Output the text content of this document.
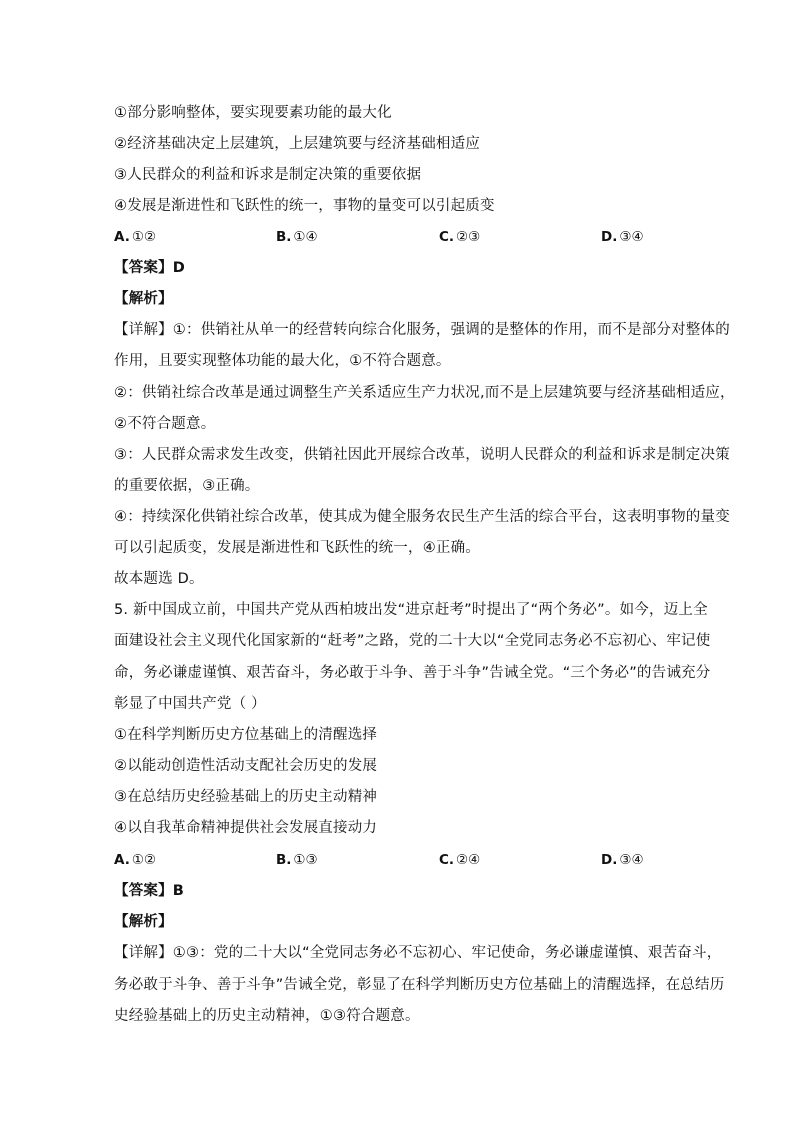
①部分影响整体，要实现要素功能的最大化
②经济基础决定上层建筑，上层建筑要与经济基础相适应
③人民群众的利益和诉求是制定决策的重要依据
④发展是渐进性和飞跃性的统一，事物的量变可以引起质变
A. ①②	B. ①④	C. ②③	D. ③④
【答案】D
【解析】
【详解】①：供销社从单一的经营转向综合化服务，强调的是整体的作用，而不是部分对整体的
作用，且要实现整体功能的最大化，①不符合题意。
②：供销社综合改革是通过调整生产关系适应生产力状况,而不是上层建筑要与经济基础相适应，
②不符合题意。
③：人民群众需求发生改变，供销社因此开展综合改革，说明人民群众的利益和诉求是制定决策
的重要依据，③正确。
④：持续深化供销社综合改革，使其成为健全服务农民生产生活的综合平台，这表明事物的量变
可以引起质变，发展是渐进性和飞跃性的统一，④正确。
故本题选 D。
5. 新中国成立前，中国共产党从西柏坡出发“进京赶考”时提出了“两个务必”。如今，迈上全
面建设社会主义现代化国家新的“赶考”之路，党的二十大以“全党同志务必不忘初心、牢记使
命，务必谦虚谨慎、艰苦奋斗，务必敢于斗争、善于斗争”告诫全党。“三个务必”的告诫充分
彰显了中国共产党（ ）
①在科学判断历史方位基础上的清醒选择
②以能动创造性活动支配社会历史的发展
③在总结历史经验基础上的历史主动精神
④以自我革命精神提供社会发展直接动力
A. ①②	B. ①③	C. ②④	D. ③④
【答案】B
【解析】
【详解】①③：党的二十大以“全党同志务必不忘初心、牢记使命，务必谦虚谨慎、艰苦奋斗，
务必敢于斗争、善于斗争”告诫全党，彰显了在科学判断历史方位基础上的清醒选择，在总结历
史经验基础上的历史主动精神，①③符合题意。
